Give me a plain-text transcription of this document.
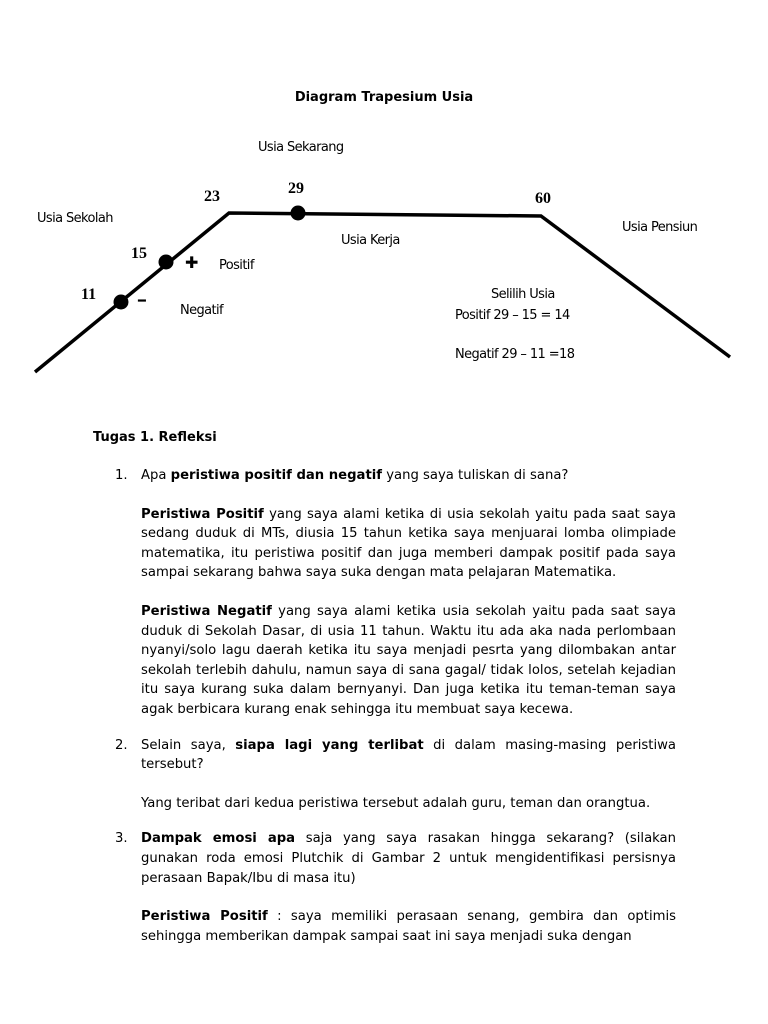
Diagram Trapesium Usia
Usia Sekarang
Usia Sekolah
Usia Kerja
Usia Pensiun
Positif
Negatif
23	29
60
15
11
✚
━	Selilih Usia
Positif 29 – 15 = 14
Negatif 29 – 11 =18
Tugas 1. Refleksi
1.	Apa peristiwa positif dan negatif yang saya tuliskan di sana?

Peristiwa Positif yang saya alami ketika di usia sekolah yaitu pada saat saya sedang duduk di MTs, diusia 15 tahun ketika saya menjuarai lomba olimpiade matematika, itu peristiwa positif dan juga memberi dampak positif pada saya sampai sekarang bahwa saya suka dengan mata pelajaran Matematika.

Peristiwa Negatif yang saya alami ketika usia sekolah yaitu pada saat saya duduk di Sekolah Dasar, di usia 11 tahun. Waktu itu ada aka nada perlombaan nyanyi/solo lagu daerah ketika itu saya menjadi pesrta yang dilombakan antar sekolah terlebih dahulu, namun saya di sana gagal/ tidak lolos, setelah kejadian itu saya kurang suka dalam bernyanyi. Dan juga ketika itu teman-teman saya agak berbicara kurang enak sehingga itu membuat saya kecewa.

2.	Selain saya, siapa lagi yang terlibat di dalam masing-masing peristiwa tersebut?

Yang teribat dari kedua peristiwa tersebut adalah guru, teman dan orangtua.

3.	Dampak emosi apa saja yang saya rasakan hingga sekarang? (silakan gunakan roda emosi Plutchik di Gambar 2 untuk mengidentifikasi persisnya perasaan Bapak/Ibu di masa itu)

Peristiwa Positif : saya memiliki perasaan senang, gembira dan optimis sehingga memberikan dampak sampai saat ini saya menjadi suka dengan
